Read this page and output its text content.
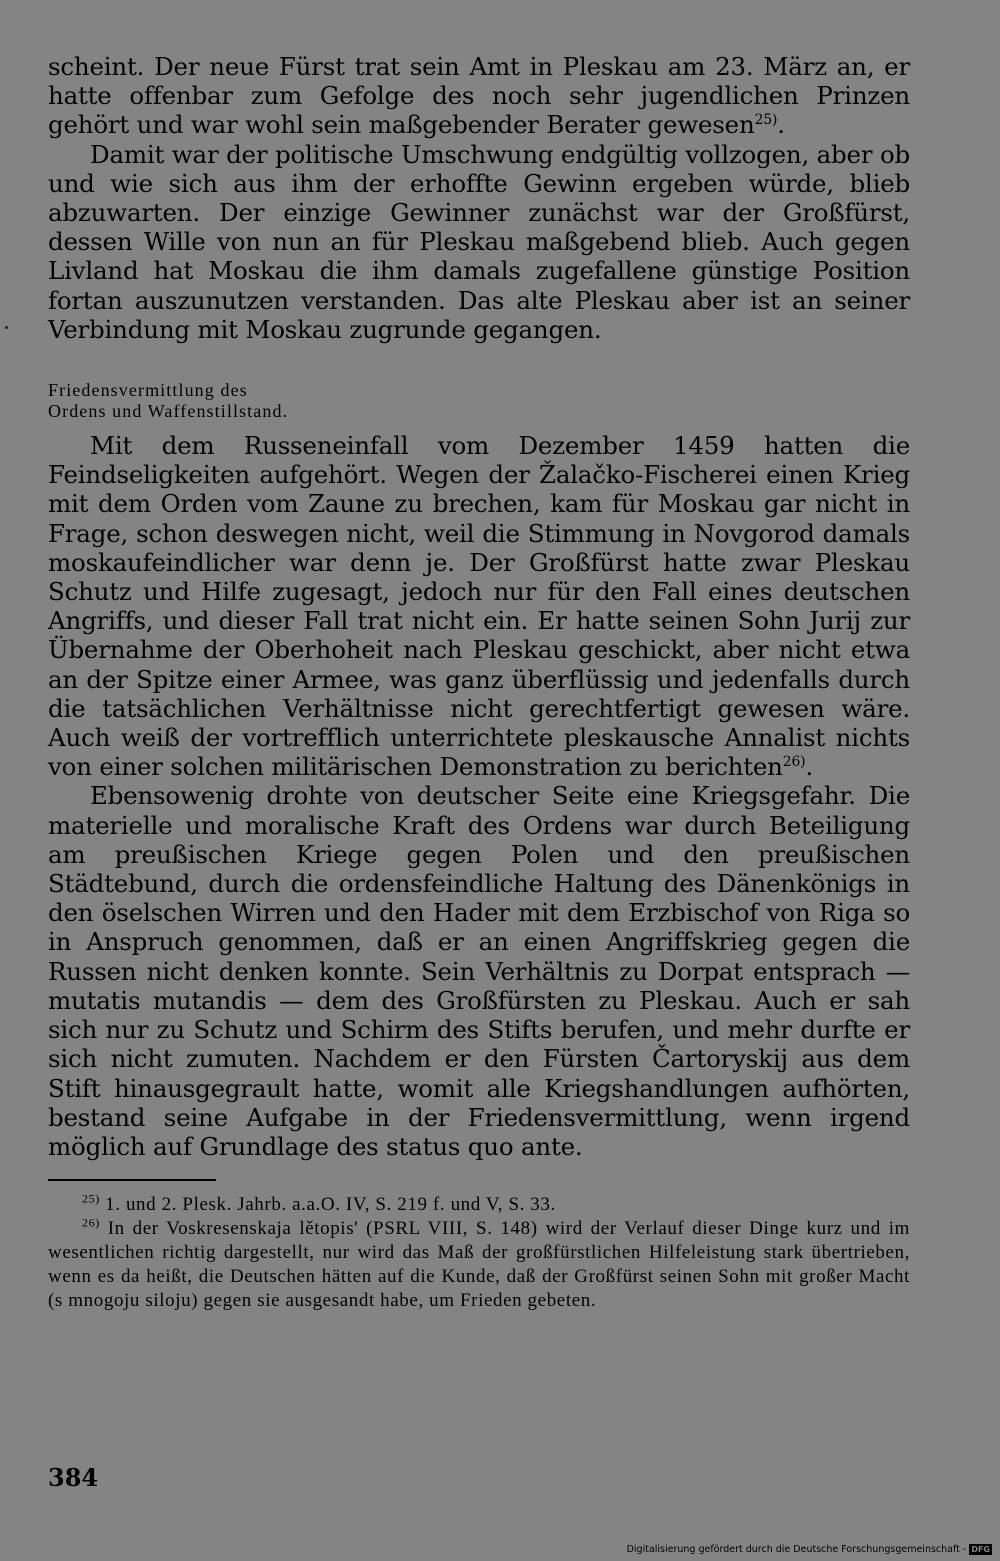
scheint. Der neue Fürst trat sein Amt in Pleskau am 23. März an, er hatte offenbar zum Gefolge des noch sehr jugendlichen Prinzen gehört und war wohl sein maßgebender Berater gewesen$^{25)}$.

Damit war der politische Umschwung endgültig vollzogen, aber ob und wie sich aus ihm der erhoffte Gewinn ergeben würde, blieb abzuwarten. Der einzige Gewinner zunächst war der Großfürst, dessen Wille von nun an für Pleskau maßgebend blieb. Auch gegen Livland hat Moskau die ihm damals zugefallene günstige Position fortan auszunutzen verstanden. Das alte Pleskau aber ist an seiner Verbindung mit Moskau zugrunde gegangen.

Friedensvermittlung des
Ordens und Waffenstillstand.

Mit dem Russeneinfall vom Dezember 1459 hatten die Feindseligkeiten aufgehört. Wegen der Žalačko-Fischerei einen Krieg mit dem Orden vom Zaune zu brechen, kam für Moskau gar nicht in Frage, schon deswegen nicht, weil die Stimmung in Novgorod damals moskaufeindlicher war denn je. Der Großfürst hatte zwar Pleskau Schutz und Hilfe zugesagt, jedoch nur für den Fall eines deutschen Angriffs, und dieser Fall trat nicht ein. Er hatte seinen Sohn Jurij zur Übernahme der Oberhoheit nach Pleskau geschickt, aber nicht etwa an der Spitze einer Armee, was ganz überflüssig und jedenfalls durch die tatsächlichen Verhältnisse nicht gerechtfertigt gewesen wäre. Auch weiß der vortrefflich unterrichtete pleskausche Annalist nichts von einer solchen militärischen Demonstration zu berichten$^{26)}$.

Ebensowenig drohte von deutscher Seite eine Kriegsgefahr. Die materielle und moralische Kraft des Ordens war durch Beteiligung am preußischen Kriege gegen Polen und den preußischen Städtebund, durch die ordensfeindliche Haltung des Dänenkönigs in den öselschen Wirren und den Hader mit dem Erzbischof von Riga so in Anspruch genommen, daß er an einen Angriffskrieg gegen die Russen nicht denken konnte. Sein Verhältnis zu Dorpat entsprach — mutatis mutandis — dem des Großfürsten zu Pleskau. Auch er sah sich nur zu Schutz und Schirm des Stifts berufen, und mehr durfte er sich nicht zumuten. Nachdem er den Fürsten Čartoryskij aus dem Stift hinausgegrault hatte, womit alle Kriegshandlungen aufhörten, bestand seine Aufgabe in der Friedensvermittlung, wenn irgend möglich auf Grundlage des status quo ante.

$^{25)}$ 1. und 2. Plesk. Jahrb. a.a.O. IV, S. 219 f. und V, S. 33.

$^{26)}$ In der Voskresenskaja lětopis' (PSRL VIII, S. 148) wird der Verlauf dieser Dinge kurz und im wesentlichen richtig dargestellt, nur wird das Maß der großfürstlichen Hilfeleistung stark übertrieben, wenn es da heißt, die Deutschen hätten auf die Kunde, daß der Großfürst seinen Sohn mit großer Macht (s mnogoju siloju) gegen sie ausgesandt habe, um Frieden gebeten.

384
Digitalisierung gefördert durch die Deutsche Forschungsgemeinschaft - DFG
